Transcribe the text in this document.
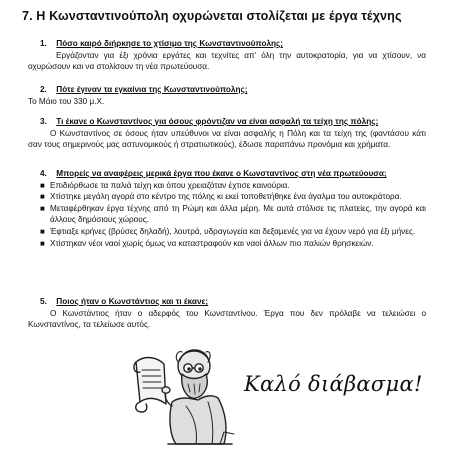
7. Η Κωνσταντινούπολη οχυρώνεται στολίζεται με έργα τέχνης
1. Πόσο καιρό διήρκησε το χτίσιμο της Κωνσταντινούπολης;
Εργάζονταν για έξι χρόνια εργάτες και τεχνίτες απ’ όλη την αυτοκρατορία, για να χτίσουν, να οχυρώσουν και να στολίσουν τη νέα πρωτεύουσα.
2. Πότε έγιναν τα εγκαίνια της Κωνσταντινούπολης;
Το Μάιο του 330 μ.Χ.
3. Τι έκανε ο Κωνσταντίνος για όσους φρόντιζαν να είναι ασφαλή τα τείχη της πόλης;
Ο Κωνσταντίνος σε όσους ήταν υπεύθυνοι να είναι ασφαλής η Πόλη και τα τείχη της (φαντάσου κάτι σαν τους σημερινούς μας αστυνομικούς ή στρατιωτικούς), έδωσε παραπάνω προνόμια και χρήματα.
4. Μπορείς να αναφέρεις μερικά έργα που έκανε ο Κωνσταντίνος στη νέα πρωτεύουσα;
■ Επιδιόρθωσε τα παλιά τείχη και όπου χρειαζόταν έχτισε καινούρια.
■ Χτίστηκε μεγάλη αγορά στο κέντρο της πόλης κι εκεί τοποθετήθηκε ένα άγαλμα του αυτοκράτορα.
■ Μεταφέρθηκαν έργα τέχνης από τη Ρώμη και άλλα μέρη. Με αυτά στόλισε τις πλατείες, την αγορά και άλλους δημόσιους χώρους.
■ Έφτιαξε κρήνες (βρύσες δηλαδή), λουτρά, υδραγωγεία και δεξαμενές για να έχουν νερό για έξι μήνες.
■ Χτίστηκαν νέοι ναοί χωρίς όμως να καταστραφούν και ναοί άλλων πιο παλιών θρησκειών.
5. Ποιος ήταν ο Κωνστάντιος και τι έκανε;
Ο Κωνστάντιος ήταν ο αδερφός του Κωνσταντίνου. Έργα που δεν πρόλαβε να τελειώσει ο Κωνσταντίνος, τα τελείωσε αυτός.
Καλό διάβασμα!
